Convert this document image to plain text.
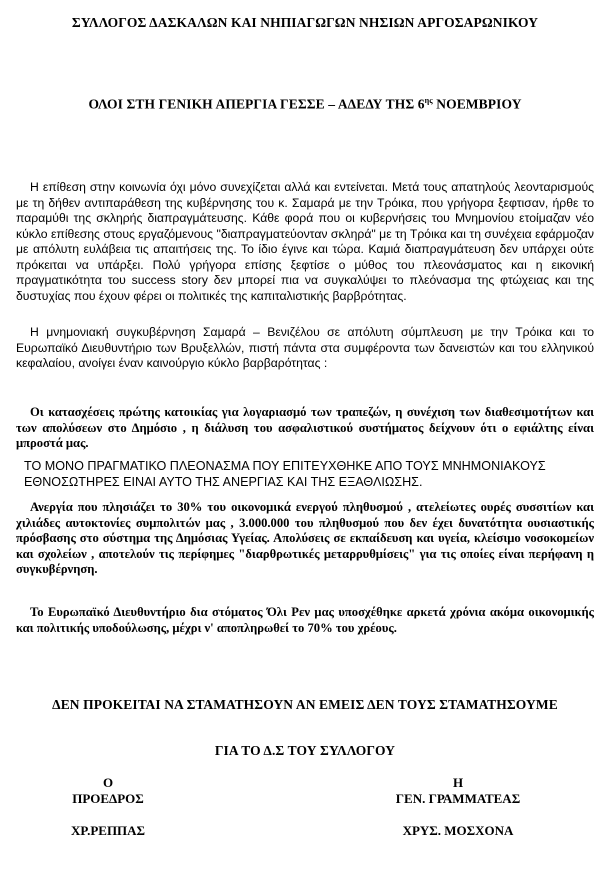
ΣΥΛΛΟΓΟΣ ΔΑΣΚΑΛΩΝ ΚΑΙ ΝΗΠΙΑΓΩΓΩΝ ΝΗΣΙΩΝ ΑΡΓΟΣΑΡΩΝΙΚΟΥ
ΟΛΟΙ ΣΤΗ ΓΕΝΙΚΗ ΑΠΕΡΓΙΑ ΓΕΣΣΕ – ΑΔΕΔΥ ΤΗΣ $6^{\eta\varsigma}$ ΝΟΕΜΒΡΙΟΥ

Η επίθεση στην κοινωνία όχι μόνο συνεχίζεται αλλά και εντείνεται. Μετά τους απατηλούς λεονταρισμούς με τη δήθεν αντιπαράθεση της κυβέρνησης του κ. Σαμαρά με την Τρόικα, που γρήγορα ξεφτισαν, ήρθε το παραμύθι της σκληρής διαπραγμάτευσης. Κάθε φορά που οι κυβερνήσεις του Μνημονίου ετοίμαζαν νέο κύκλο επίθεσης στους εργαζόμενους "διαπραγματεύονταν σκληρά" με τη Τρόικα και τη συνέχεια εφάρμοζαν με απόλυτη ευλάβεια τις απαιτήσεις της. Το ίδιο έγινε και τώρα. Καμιά διαπραγμάτευση δεν υπάρχει ούτε πρόκειται να υπάρξει. Πολύ γρήγορα επίσης ξεφτίσε ο μύθος του πλεονάσματος και η εικονική πραγματικότητα του success story δεν μπορεί πια να συγκαλύψει το πλεόνασμα της φτώχειας και της δυστυχίας που έχουν φέρει οι πολιτικές της καπιταλιστικής βαρβρότητας.

Η μνημονιακή συγκυβέρνηση Σαμαρά – Βενιζέλου σε απόλυτη σύμπλευση με την Τρόικα και το Ευρωπαϊκό Διευθυντήριο των Βρυξελλών, πιστή πάντα στα συμφέροντα των δανειστών και του ελληνικού κεφαλαίου, ανοίγει έναν καινούργιο κύκλο βαρβαρότητας :

Οι κατασχέσεις πρώτης κατοικίας για λογαριασμό των τραπεζών, η συνέχιση των διαθεσιμοτήτων και των απολύσεων στο Δημόσιο , η διάλυση του ασφαλιστικού συστήματος δείχνουν ότι ο εφιάλτης είναι μπροστά μας.

ΤΟ ΜΟΝΟ ΠΡΑΓΜΑΤΙΚΟ ΠΛΕΟΝΑΣΜΑ ΠΟΥ ΕΠΙΤΕΥΧΘΗΚΕ ΑΠΟ ΤΟΥΣ ΜΝΗΜΟΝΙΑΚΟΥΣ
ΕΘΝΟΣΩΤΗΡΕΣ ΕΙΝΑΙ ΑΥΤΟ ΤΗΣ ΑΝΕΡΓΙΑΣ ΚΑΙ ΤΗΣ ΕΞΑΘΛΙΩΣΗΣ.

Ανεργία που πλησιάζει το 30% του οικονομικά ενεργού πληθυσμού , ατελείωτες ουρές συσσιτίων και χιλιάδες αυτοκτονίες συμπολιτών μας , 3.000.000 του πληθυσμού που δεν έχει δυνατότητα ουσιαστικής πρόσβασης στο σύστημα της Δημόσιας Υγείας. Απολύσεις σε εκπαίδευση και υγεία, κλείσιμο νοσοκομείων και σχολείων , αποτελούν τις περίφημες "διαρθρωτικές μεταρρυθμίσεις" για τις οποίες είναι περήφανη η συγκυβέρνηση.

Το Ευρωπαϊκό Διευθυντήριο δια στόματος Όλι Ρεν μας υποσχέθηκε αρκετά χρόνια ακόμα οικονομικής και πολιτικής υποδούλωσης, μέχρι ν' αποπληρωθεί το 70% του χρέους.

ΔΕΝ ΠΡΟΚΕΙΤΑΙ ΝΑ ΣΤΑΜΑΤΗΣΟΥΝ ΑΝ ΕΜΕΙΣ ΔΕΝ ΤΟΥΣ ΣΤΑΜΑΤΗΣΟΥΜΕ
ΓΙΑ ΤΟ Δ.Σ ΤΟΥ ΣΥΛΛΟΓΟΥ
Ο
ΠΡΟΕΔΡΟΣ
ΧΡ.ΡΕΠΠΑΣ
Η
ΓΕΝ. ΓΡΑΜΜΑΤΕΑΣ
ΧΡΥΣ. ΜΟΣΧΟΝΑ
